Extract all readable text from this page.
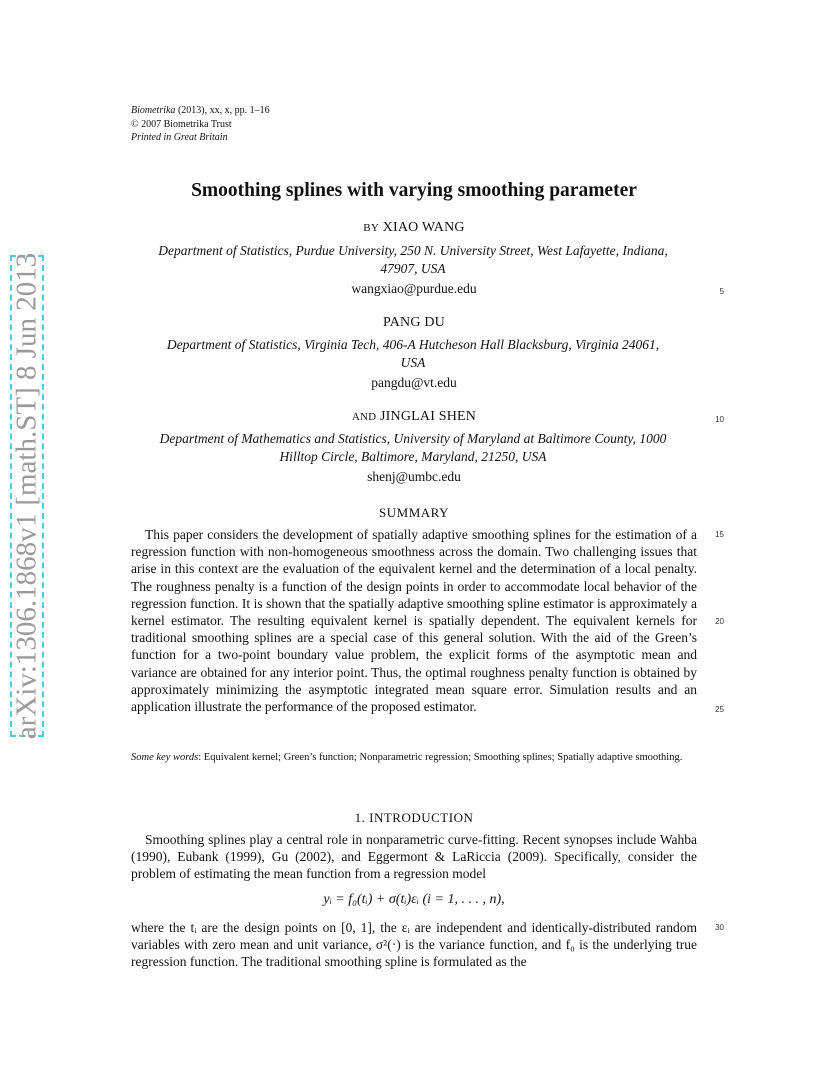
arXiv:1306.1868v1 [math.ST] 8 Jun 2013
Biometrika (2013), xx, x, pp. 1–16
© 2007 Biometrika Trust
Printed in Great Britain
Smoothing splines with varying smoothing parameter
BY XIAO WANG
Department of Statistics, Purdue University, 250 N. University Street, West Lafayette, Indiana,
47907, USA
wangxiao@purdue.edu
PANG DU
Department of Statistics, Virginia Tech, 406-A Hutcheson Hall Blacksburg, Virginia 24061,
USA
pangdu@vt.edu
AND JINGLAI SHEN
Department of Mathematics and Statistics, University of Maryland at Baltimore County, 1000
Hilltop Circle, Baltimore, Maryland, 21250, USA
shenj@umbc.edu
SUMMARY
This paper considers the development of spatially adaptive smoothing splines for the estimation of a regression function with non-homogeneous smoothness across the domain. Two challenging issues that arise in this context are the evaluation of the equivalent kernel and the determination of a local penalty. The roughness penalty is a function of the design points in order to accommodate local behavior of the regression function. It is shown that the spatially adaptive smoothing spline estimator is approximately a kernel estimator. The resulting equivalent kernel is spatially dependent. The equivalent kernels for traditional smoothing splines are a special case of this general solution. With the aid of the Green’s function for a two-point boundary value problem, the explicit forms of the asymptotic mean and variance are obtained for any interior point. Thus, the optimal roughness penalty function is obtained by approximately minimizing the asymptotic integrated mean square error. Simulation results and an application illustrate the performance of the proposed estimator.
Some key words: Equivalent kernel; Green’s function; Nonparametric regression; Smoothing splines; Spatially adaptive smoothing.
1. INTRODUCTION
Smoothing splines play a central role in nonparametric curve-fitting. Recent synopses include Wahba (1990), Eubank (1999), Gu (2002), and Eggermont & LaRiccia (2009). Specifically, consider the problem of estimating the mean function from a regression model
yᵢ = f₀(tᵢ) + σ(tᵢ)εᵢ (i = 1, . . . , n),
where the tᵢ are the design points on [0, 1], the εᵢ are independent and identically-distributed random variables with zero mean and unit variance, σ²(·) is the variance function, and f₀ is the underlying true regression function. The traditional smoothing spline is formulated as the
5
10
15
20
25
30
